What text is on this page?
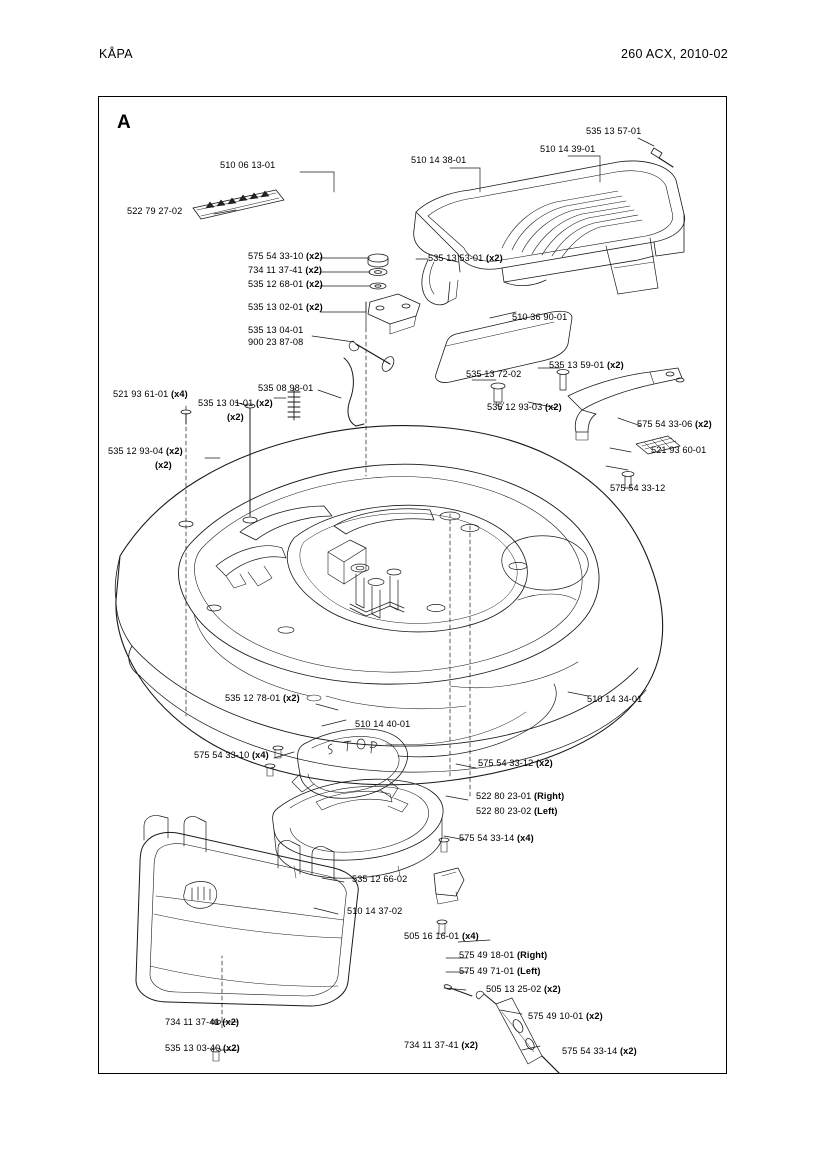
KÅPA	260 ACX, 2010-02
A
510 06 13-01
522 79 27-02
510 14 38-01
510 14 39-01
535 13 57-01
575 54 33-10 (x2)
734 11 37-41 (x2)
535 12 68-01 (x2)
535 13 53-01 (x2)
535 13 02-01 (x2)
535 13 04-01
900 23 87-08
510 36 90-01
535 13 72-02
535 13 59-01 (x2)
535 08 98-01
535 13 01-01 (x2)
(x2)
521 93 61-01 (x4)
535 12 93-04 (x2)
(x2)
535 12 93-03 (x2)
575 54 33-06 (x2)
521 93 60-01
575 54 33-12
510 14 34-01
535 12 78-01 (x2)
510 14 40-01
575 54 33-10 (x4)
575 54 33-12 (x2)
522 80 23-01 (Right)
522 80 23-02 (Left)
575 54 33-14 (x4)
535 12 66-02
510 14 37-02
505 16 16-01 (x4)
575 49 18-01 (Right)
575 49 71-01 (Left)
505 13 25-02 (x2)
575 49 10-01 (x2)
734 11 37-41 (x2)
575 54 33-14 (x2)
734 11 37-41 (x2)
535 13 03-40 (x2)
